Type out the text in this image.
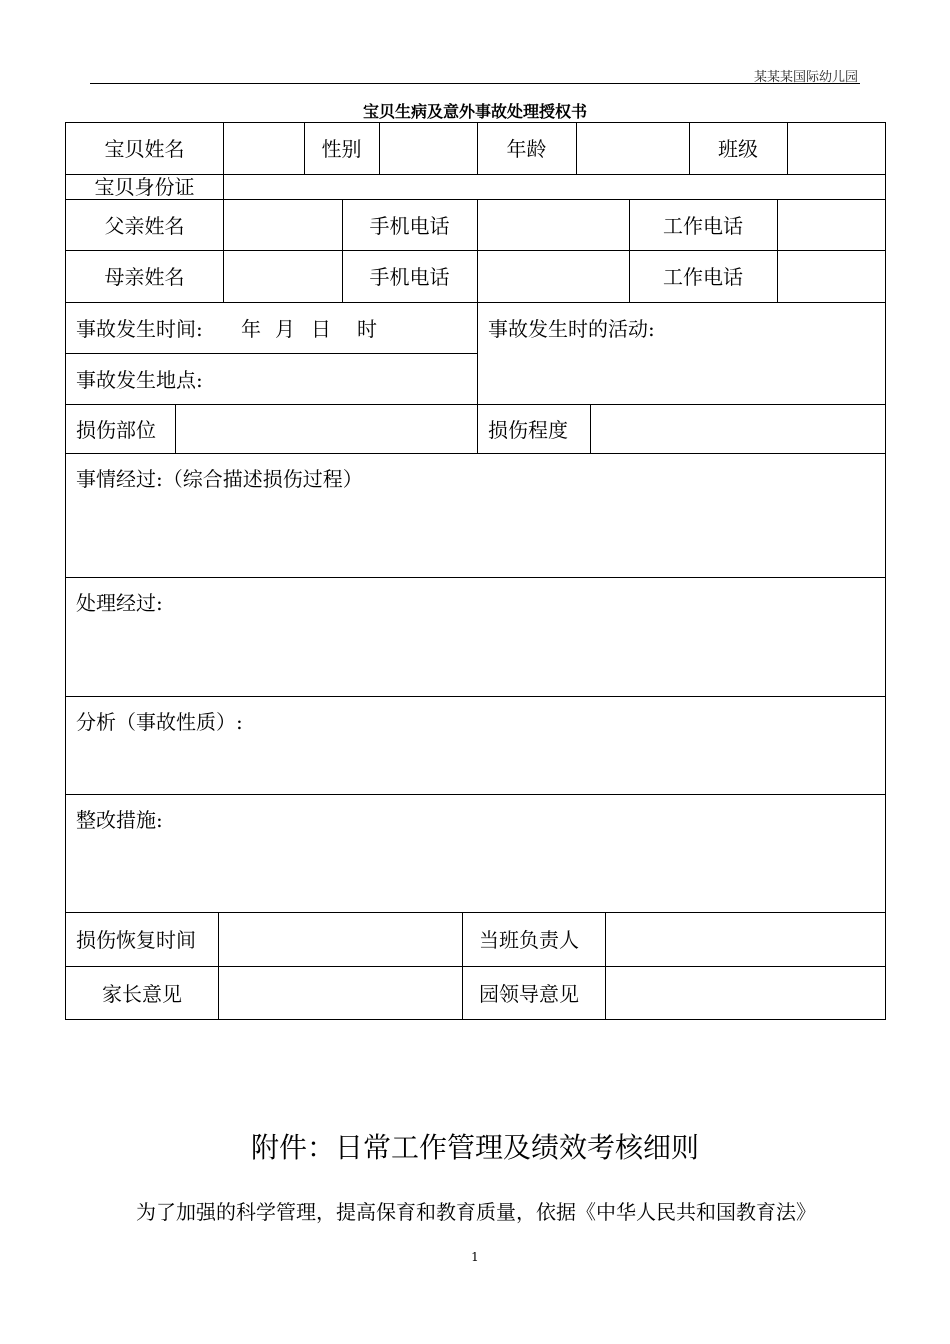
某某某国际幼儿园
宝贝生病及意外事故处理授权书
宝贝姓名	性别	年龄	班级
宝贝身份证
父亲姓名	手机电话	工作电话
母亲姓名	手机电话	工作电话
事故发生时间: 年 月 日 时	事故发生时的活动:
事故发生地点:
损伤部位	损伤程度
事情经过:（综合描述损伤过程）
处理经过:
分析（事故性质）:
整改措施:
损伤恢复时间	当班负责人
家长意见	园领导意见
附件：日常工作管理及绩效考核细则
为了加强的科学管理，提高保育和教育质量，依据《中华人民共和国教育法》
1
